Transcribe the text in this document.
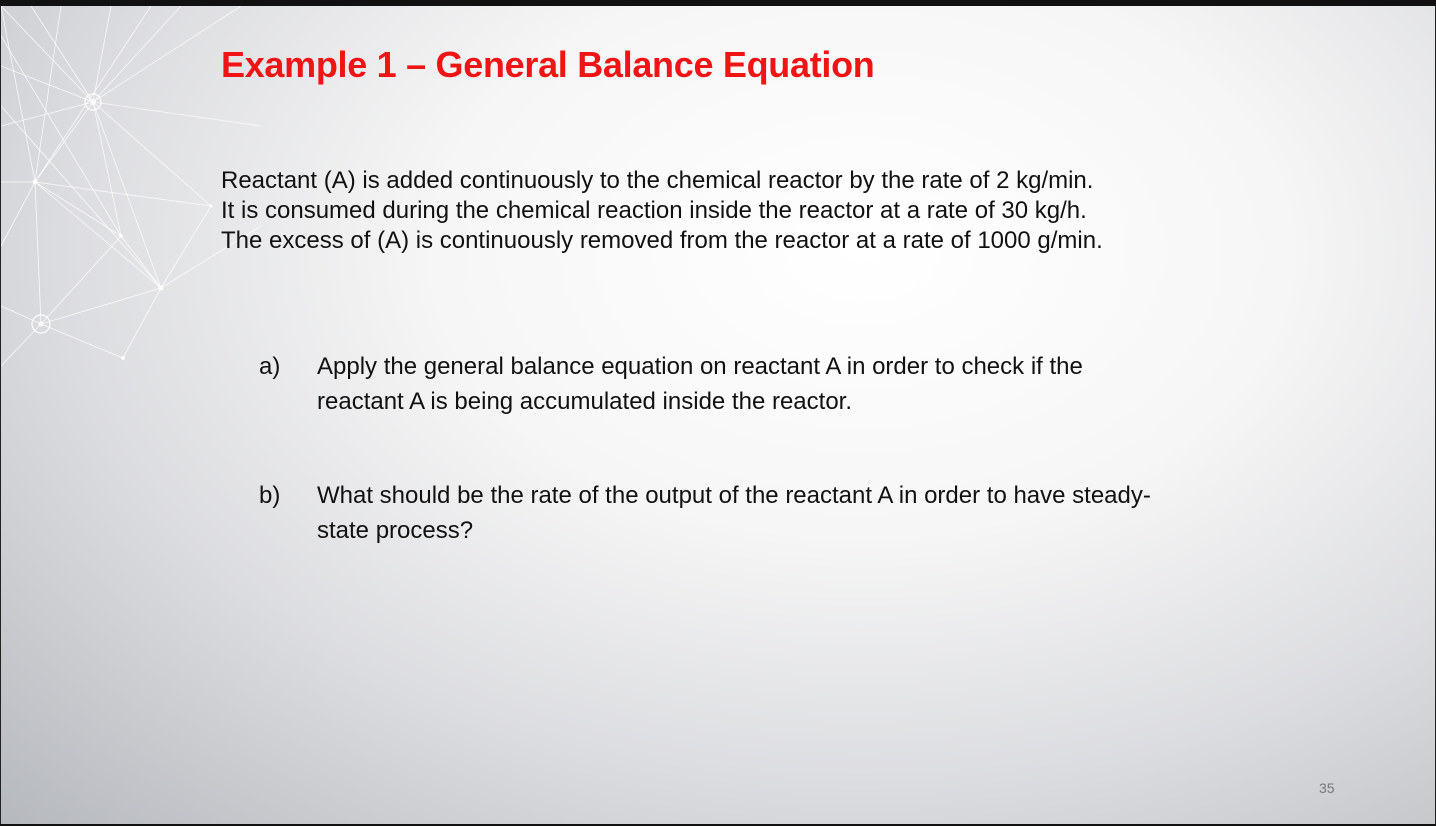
Example 1 – General Balance Equation

Reactant (A) is added continuously to the chemical reactor by the rate of 2 kg/min.

It is consumed during the chemical reaction inside the reactor at a rate of 30 kg/h.

The excess of (A) is continuously removed from the reactor at a rate of 1000 g/min.

a)	Apply the general balance equation on reactant A in order to check if the reactant A is being accumulated inside the reactor.
b)	What should be the rate of the output of the reactant A in order to have steady-state process?
35
